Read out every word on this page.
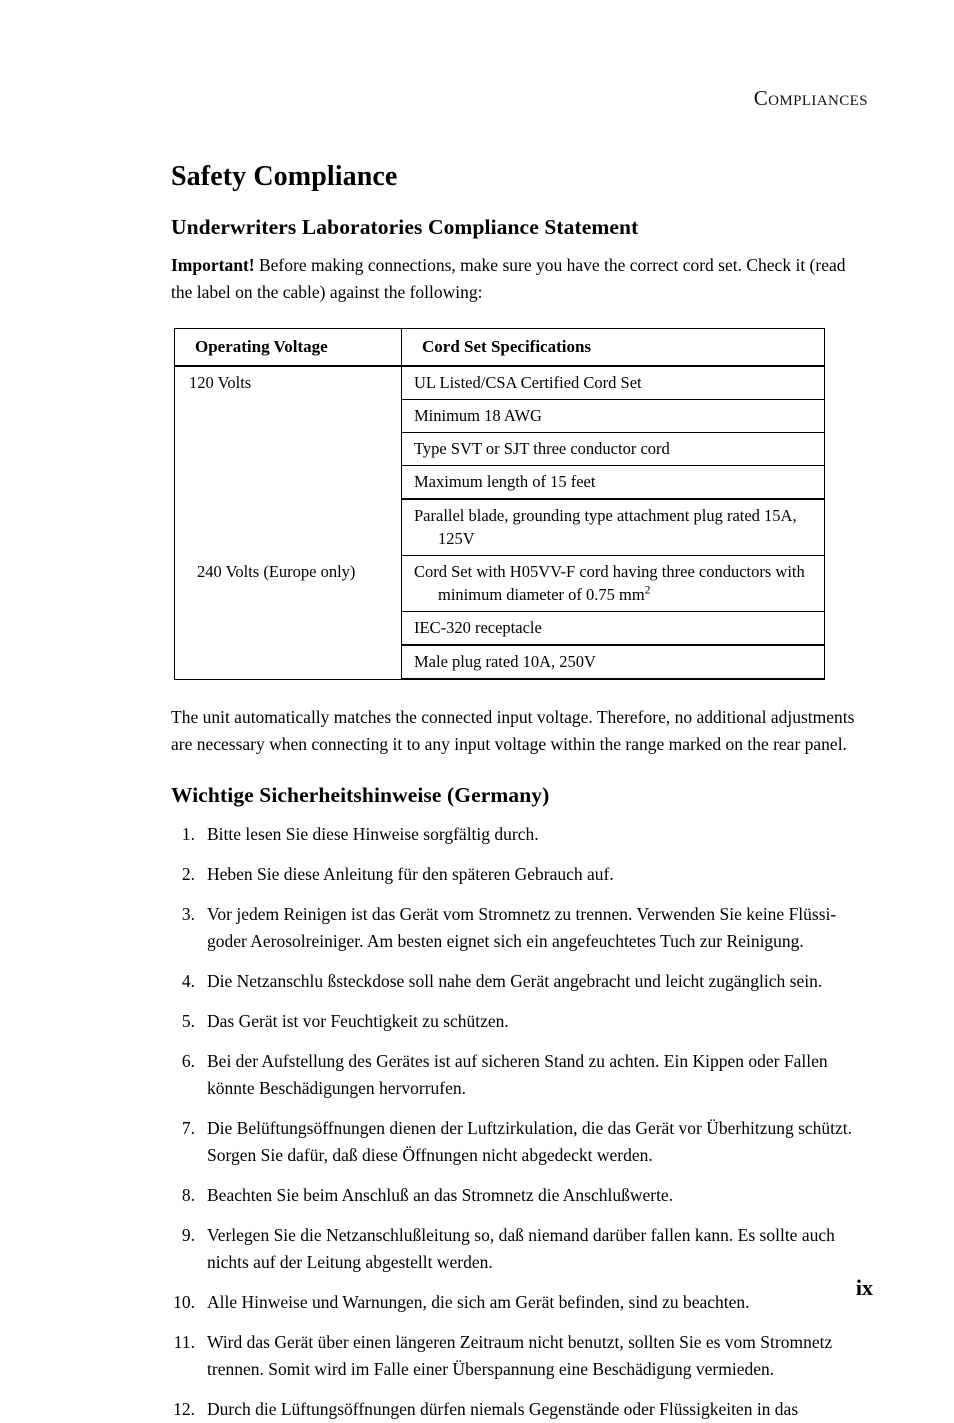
Compliances
Safety Compliance
Underwriters Laboratories Compliance Statement

Important! Before making connections, make sure you have the correct cord set. Check it (read the label on the cable) against the following:

Operating Voltage	Cord Set Specifications
120 Volts	UL Listed/CSA Certified Cord Set
	Minimum 18 AWG
	Type SVT or SJT three conductor cord
	Maximum length of 15 feet

	Parallel blade, grounding type attachment plug rated 15A,
125V

240 Volts (Europe only)	Cord Set with H05VV-F cord having three conductors with
minimum diameter of 0.75 $mm^2$

	IEC-320 receptacle
	Male plug rated 10A, 250V

The unit automatically matches the connected input voltage. Therefore, no additional adjustments are necessary when connecting it to any input voltage within the range marked on the rear panel.

Wichtige Sicherheitshinweise (Germany)
1. Bitte lesen Sie diese Hinweise sorgfältig durch.
2. Heben Sie diese Anleitung für den späteren Gebrauch auf.
3. Vor jedem Reinigen ist das Gerät vom Stromnetz zu trennen. Verwenden Sie keine Flüssi-goder Aerosolreiniger. Am besten eignet sich ein angefeuchtetes Tuch zur Reinigung.
4. Die Netzanschlu ßsteckdose soll nahe dem Gerät angebracht und leicht zugänglich sein.
5. Das Gerät ist vor Feuchtigkeit zu schützen.
6. Bei der Aufstellung des Gerätes ist auf sicheren Stand zu achten. Ein Kippen oder Fallen könnte Beschädigungen hervorrufen.
7. Die Belüftungsöffnungen dienen der Luftzirkulation, die das Gerät vor Überhitzung schützt. Sorgen Sie dafür, daß diese Öffnungen nicht abgedeckt werden.
8. Beachten Sie beim Anschluß an das Stromnetz die Anschlußwerte.
9. Verlegen Sie die Netzanschlußleitung so, daß niemand darüber fallen kann. Es sollte auch nichts auf der Leitung abgestellt werden.
10. Alle Hinweise und Warnungen, die sich am Gerät befinden, sind zu beachten.
11. Wird das Gerät über einen längeren Zeitraum nicht benutzt, sollten Sie es vom Stromnetz trennen. Somit wird im Falle einer Überspannung eine Beschädigung vermieden.
12. Durch die Lüftungsöffnungen dürfen niemals Gegenstände oder Flüssigkeiten in das
ix
